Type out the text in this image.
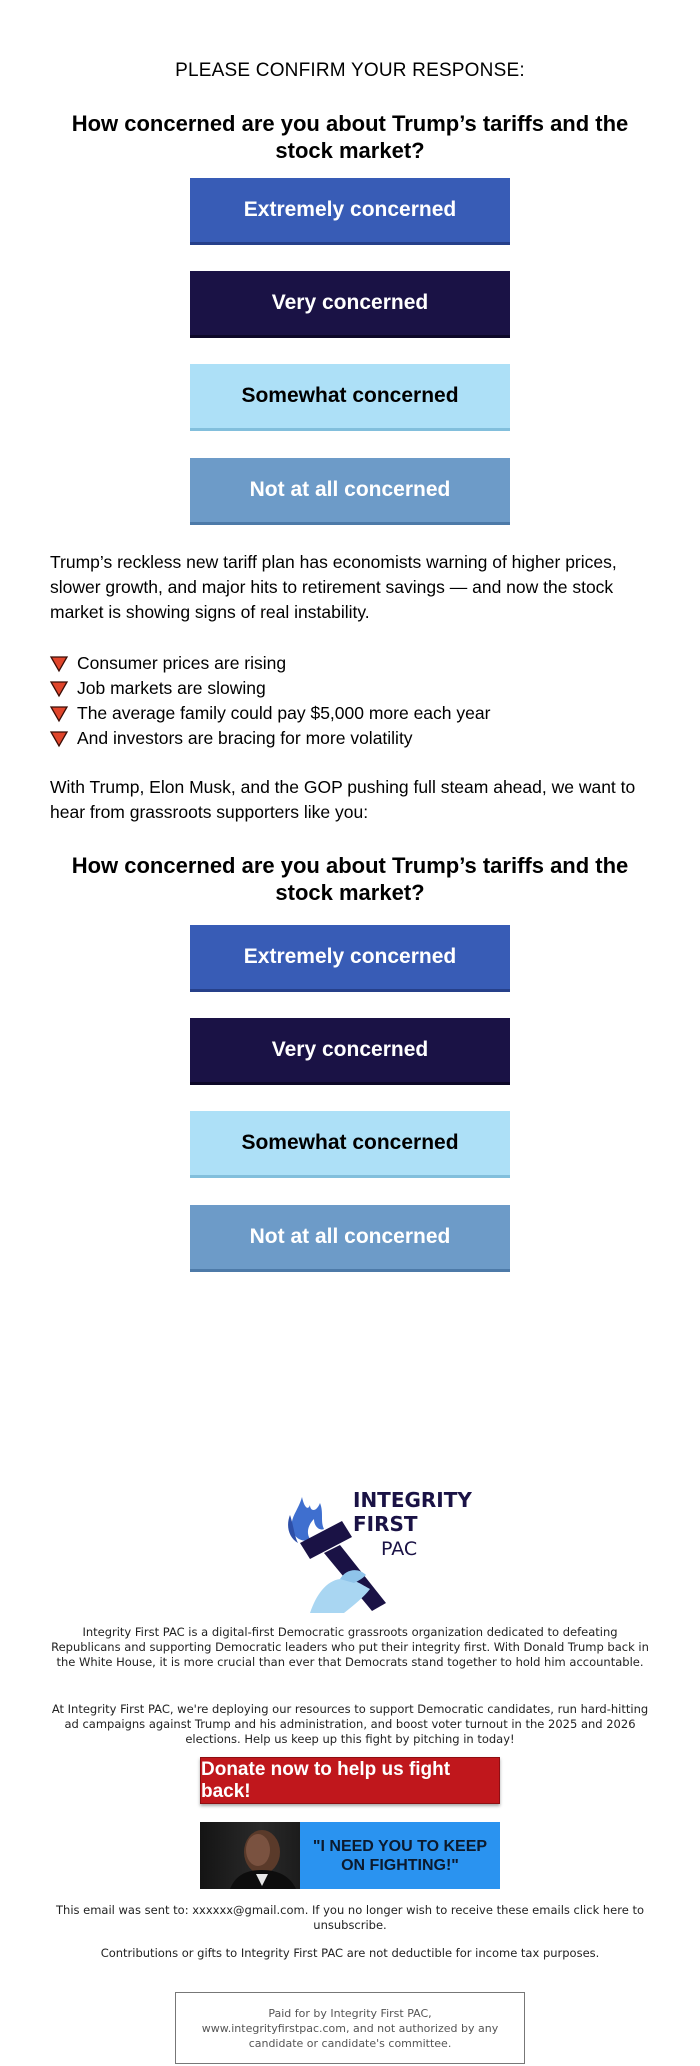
PLEASE CONFIRM YOUR RESPONSE:
How concerned are you about Trump’s tariffs and the stock market?
Extremely concerned
Very concerned
Somewhat concerned
Not at all concerned
Trump’s reckless new tariff plan has economists warning of higher prices, slower growth, and major hits to retirement savings — and now the stock market is showing signs of real instability.
Consumer prices are rising
Job markets are slowing
The average family could pay $5,000 more each year
And investors are bracing for more volatility
With Trump, Elon Musk, and the GOP pushing full steam ahead, we want to hear from grassroots supporters like you:
How concerned are you about Trump’s tariffs and the stock market?
Extremely concerned
Very concerned
Somewhat concerned
Not at all concerned
INTEGRITY
FIRST
PAC
Integrity First PAC is a digital-first Democratic grassroots organization dedicated to defeating Republicans and supporting Democratic leaders who put their integrity first. With Donald Trump back in the White House, it is more crucial than ever that Democrats stand together to hold him accountable.
At Integrity First PAC, we're deploying our resources to support Democratic candidates, run hard-hitting ad campaigns against Trump and his administration, and boost voter turnout in the 2025 and 2026 elections. Help us keep up this fight by pitching in today!
Donate now to help us fight back!
"I NEED YOU TO KEEP ON FIGHTING!"
This email was sent to: xxxxxx@gmail.com. If you no longer wish to receive these emails click here to unsubscribe.
Contributions or gifts to Integrity First PAC are not deductible for income tax purposes.
Paid for by Integrity First PAC, www.integrityfirstpac.com, and not authorized by any candidate or candidate's committee.
